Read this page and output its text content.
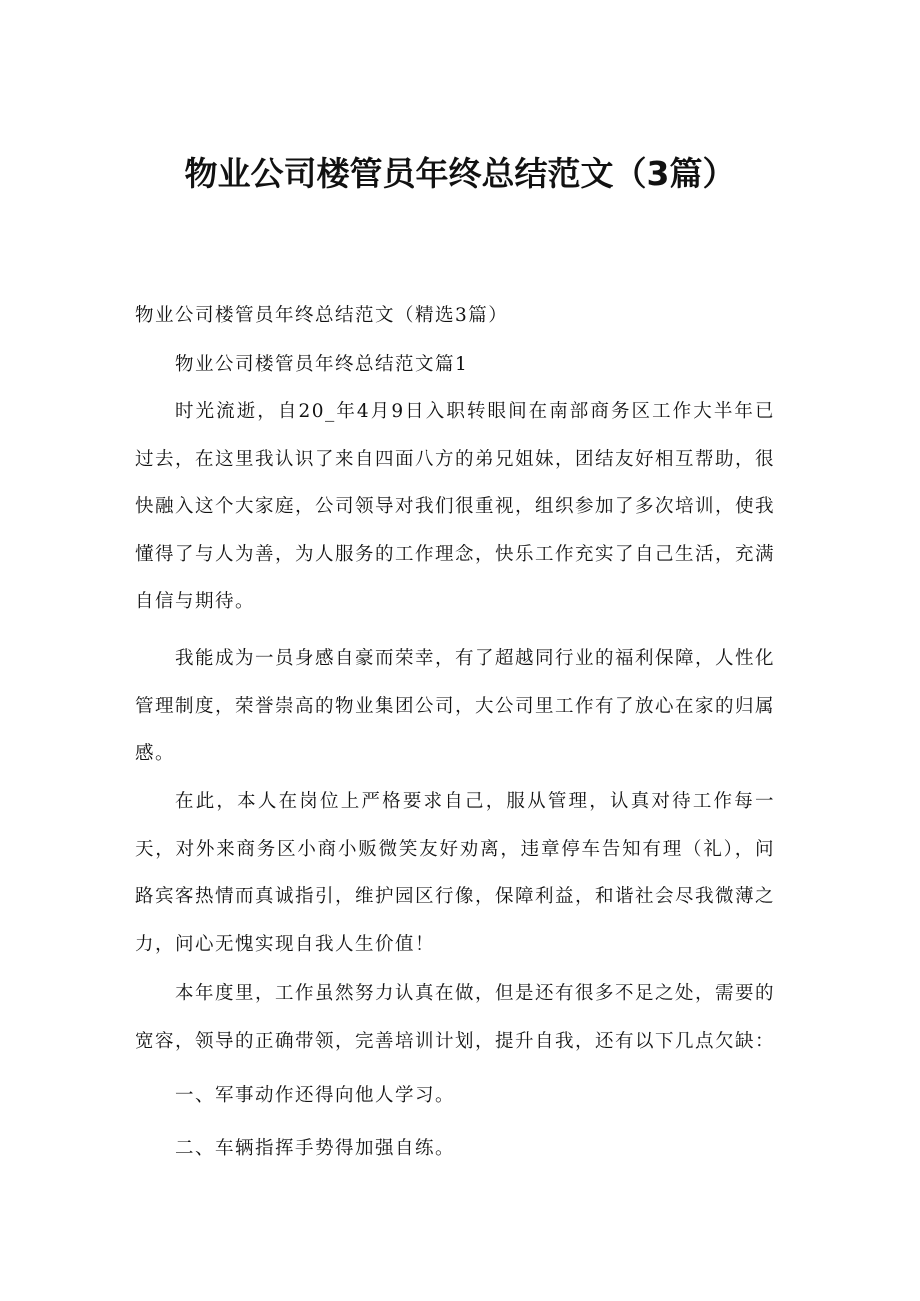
物业公司楼管员年终总结范文（3篇）

物业公司楼管员年终总结范文（精选3篇）

物业公司楼管员年终总结范文篇1

时光流逝，自20_年4月9日入职转眼间在南部商务区工作大半年已过去，在这里我认识了来自四面八方的弟兄姐妹，团结友好相互帮助，很快融入这个大家庭，公司领导对我们很重视，组织参加了多次培训，使我懂得了与人为善，为人服务的工作理念，快乐工作充实了自己生活，充满自信与期待。

我能成为一员身感自豪而荣幸，有了超越同行业的福利保障，人性化管理制度，荣誉崇高的物业集团公司，大公司里工作有了放心在家的归属感。

在此，本人在岗位上严格要求自己，服从管理，认真对待工作每一天，对外来商务区小商小贩微笑友好劝离，违章停车告知有理（礼），问路宾客热情而真诚指引，维护园区行像，保障利益，和谐社会尽我微薄之力，问心无愧实现自我人生价值！

本年度里，工作虽然努力认真在做，但是还有很多不足之处，需要的宽容，领导的正确带领，完善培训计划，提升自我，还有以下几点欠缺：

一、军事动作还得向他人学习。

二、车辆指挥手势得加强自练。
